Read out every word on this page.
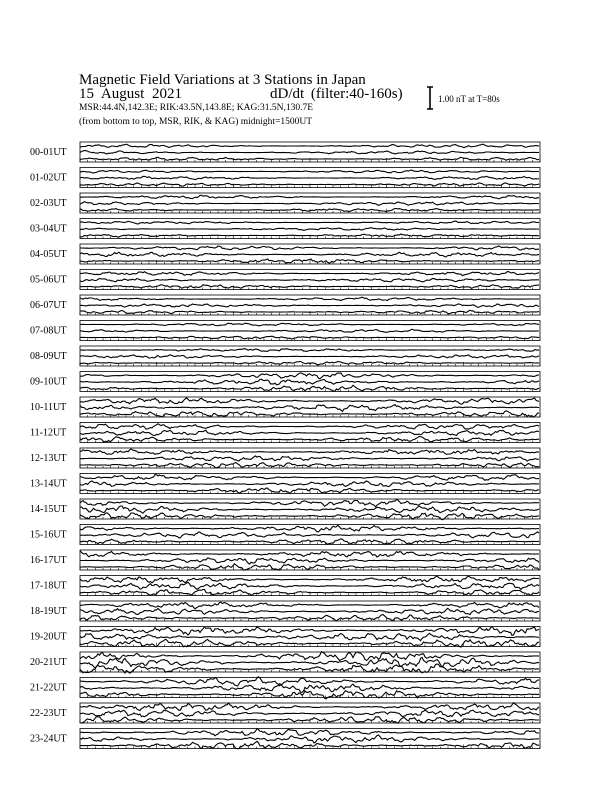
Magnetic Field Variations at 3 Stations in Japan
15 August 2021	dD/dt (filter:40-160s)
MSR:44.4N,142.3E; RIK:43.5N,143.8E; KAG:31.5N,130.7E
(from bottom to top, MSR, RIK, & KAG) midnight=1500UT
1.00 nT at T=80s
00-01UT
01-02UT
02-03UT
03-04UT
04-05UT
05-06UT
06-07UT
07-08UT
08-09UT
09-10UT
10-11UT
11-12UT
12-13UT
13-14UT
14-15UT
15-16UT
16-17UT
17-18UT
18-19UT
19-20UT
20-21UT
21-22UT
22-23UT
23-24UT
